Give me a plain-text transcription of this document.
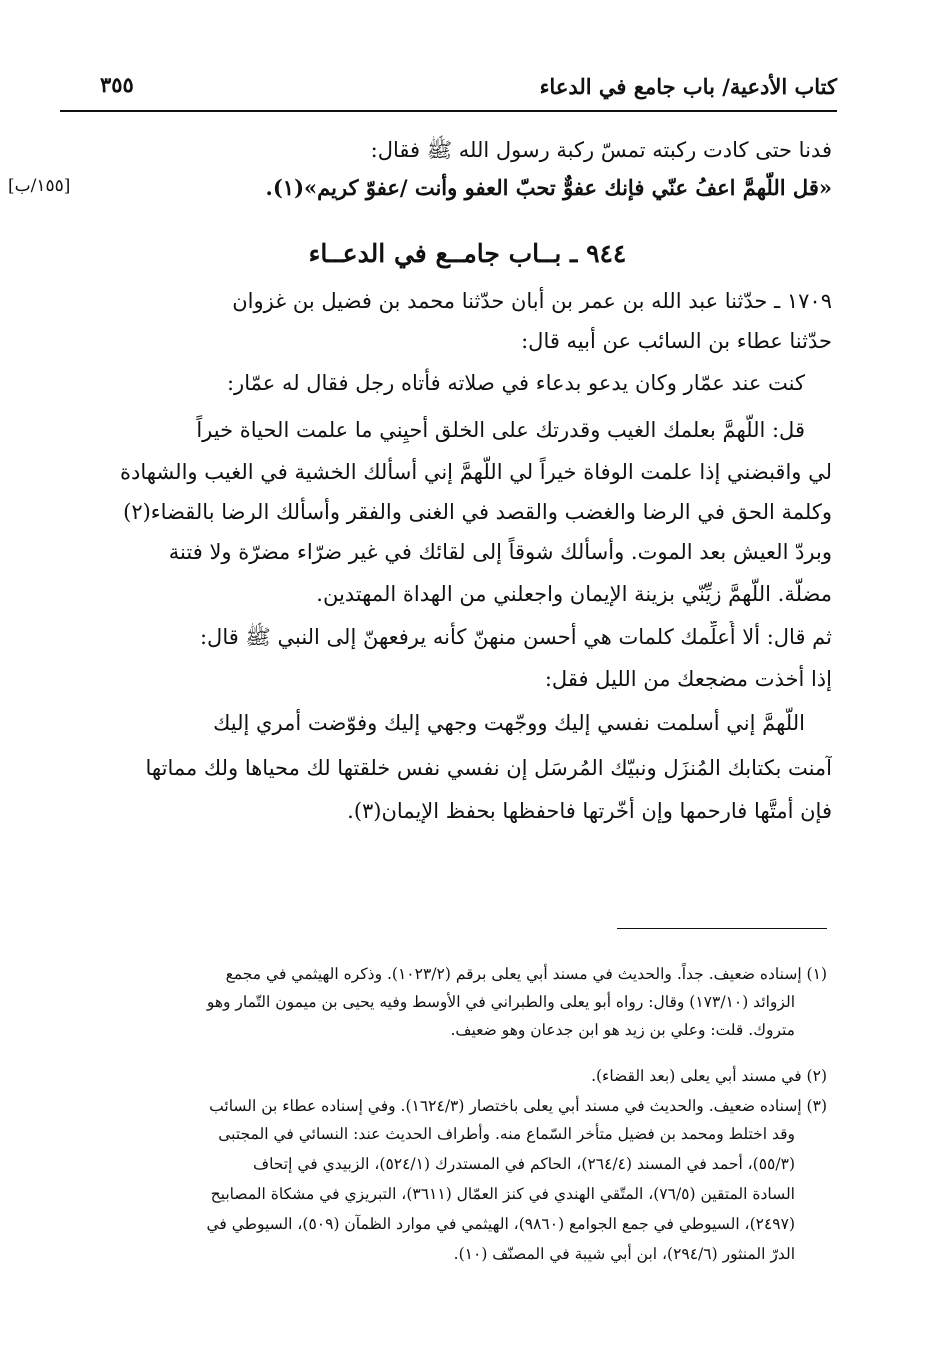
كتاب الأدعية/ باب جامع في الدعاء
٣٥٥
[١٥٥/ب]
فدنا حتى كادت ركبته تمسّ ركبة رسول الله ﷺ فقال:
«قل اللّهمَّ اعفُ عنّي فإنك عفوٌّ تحبّ العفو وأنت /عفوّ كريم»(١).
٩٤٤ ـ بــاب جامــع في الدعــاء
١٧٠٩ ـ حدّثنا عبد الله بن عمر بن أبان حدّثنا محمد بن فضيل بن غزوان
حدّثنا عطاء بن السائب عن أبيه قال:
كنت عند عمّار وكان يدعو بدعاء في صلاته فأتاه رجل فقال له عمّار:
قل: اللّهمَّ بعلمك الغيب وقدرتك على الخلق أحيِني ما علمت الحياة خيراً
لي واقبضني إذا علمت الوفاة خيراً لي اللّهمَّ إني أسألك الخشية في الغيب والشهادة
وكلمة الحق في الرضا والغضب والقصد في الغنى والفقر وأسألك الرضا بالقضاء(٢)
وبردّ العيش بعد الموت. وأسألك شوقاً إلى لقائك في غير ضرّاء مضرّة ولا فتنة
مضلّة. اللّهمَّ زيِّنّي بزينة الإيمان واجعلني من الهداة المهتدين.
ثم قال: ألا أُعلِّمك كلمات هي أحسن منهنّ كأنه يرفعهنّ إلى النبي ﷺ قال:
إذا أخذت مضجعك من الليل فقل:
اللّهمَّ إني أسلمت نفسي إليك ووجّهت وجهي إليك وفوّضت أمري إليك
آمنت بكتابك المُنزَل ونبيّك المُرسَل إن نفسي نفس خلقتها لك محياها ولك مماتها
فإن أمتَّها فارحمها وإن أخّرتها فاحفظها بحفظ الإيمان(٣).
(١) إسناده ضعيف. جداً. والحديث في مسند أبي يعلى برقم (١٠٢٣/٢). وذكره الهيثمي في مجمع
الزوائد (١٧٣/١٠) وقال: رواه أبو يعلى والطبراني في الأوسط وفيه يحيى بن ميمون التّمار وهو
متروك. قلت: وعلي بن زيد هو ابن جدعان وهو ضعيف.
(٢) في مسند أبي يعلى (بعد القضاء).
(٣) إسناده ضعيف. والحديث في مسند أبي يعلى باختصار (١٦٢٤/٣). وفي إسناده عطاء بن السائب
وقد اختلط ومحمد بن فضيل متأخر السّماع منه. وأطراف الحديث عند: النسائي في المجتبى
(٥٥/٣)، أحمد في المسند (٢٦٤/٤)، الحاكم في المستدرك (٥٢٤/١)، الزبيدي في إتحاف
السادة المتقين (٧٦/٥)، المتّقي الهندي في كنز العمّال (٣٦١١)، التبريزي في مشكاة المصابيح
(٢٤٩٧)، السيوطي في جمع الجوامع (٩٨٦٠)، الهيثمي في موارد الظمآن (٥٠٩)، السيوطي في
الدرّ المنثور (٢٩٤/٦)، ابن أبي شيبة في المصنّف (١٠).
